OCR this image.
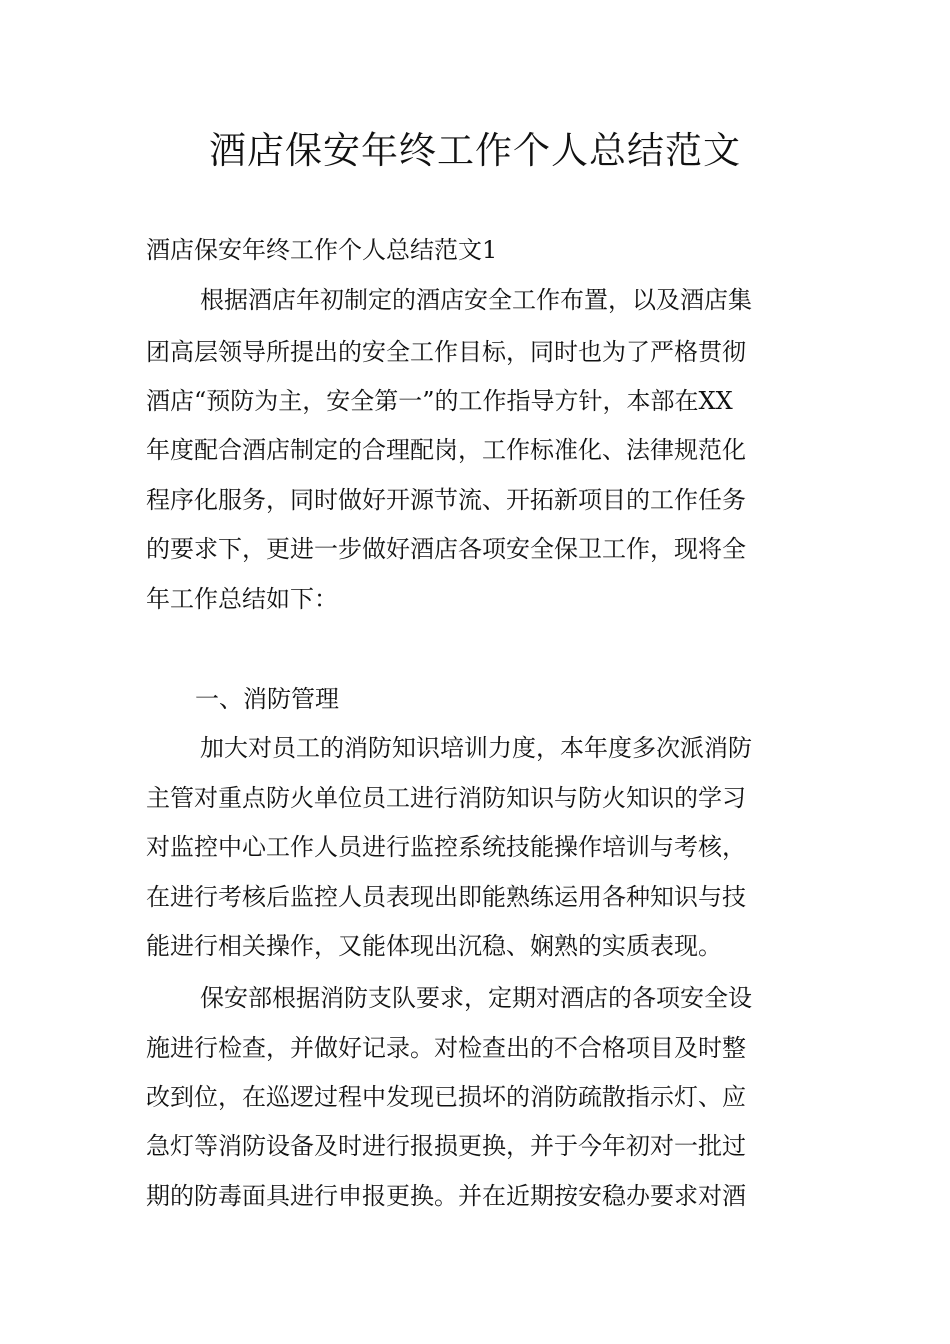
酒店保安年终工作个人总结范文

酒店保安年终工作个人总结范文1

根据酒店年初制定的酒店安全工作布置，以及酒店集

团高层领导所提出的安全工作目标，同时也为了严格贯彻

酒店“预防为主，安全第一”的工作指导方针，本部在XX

年度配合酒店制定的合理配岗，工作标准化、法律规范化

程序化服务，同时做好开源节流、开拓新项目的工作任务

的要求下，更进一步做好酒店各项安全保卫工作，现将全

年工作总结如下：

一、消防管理

加大对员工的消防知识培训力度，本年度多次派消防

主管对重点防火单位员工进行消防知识与防火知识的学习

对监控中心工作人员进行监控系统技能操作培训与考核，

在进行考核后监控人员表现出即能熟练运用各种知识与技

能进行相关操作，又能体现出沉稳、娴熟的实质表现。

保安部根据消防支队要求，定期对酒店的各项安全设

施进行检查，并做好记录。对检查出的不合格项目及时整

改到位，在巡逻过程中发现已损坏的消防疏散指示灯、应

急灯等消防设备及时进行报损更换，并于今年初对一批过

期的防毒面具进行申报更换。并在近期按安稳办要求对酒
